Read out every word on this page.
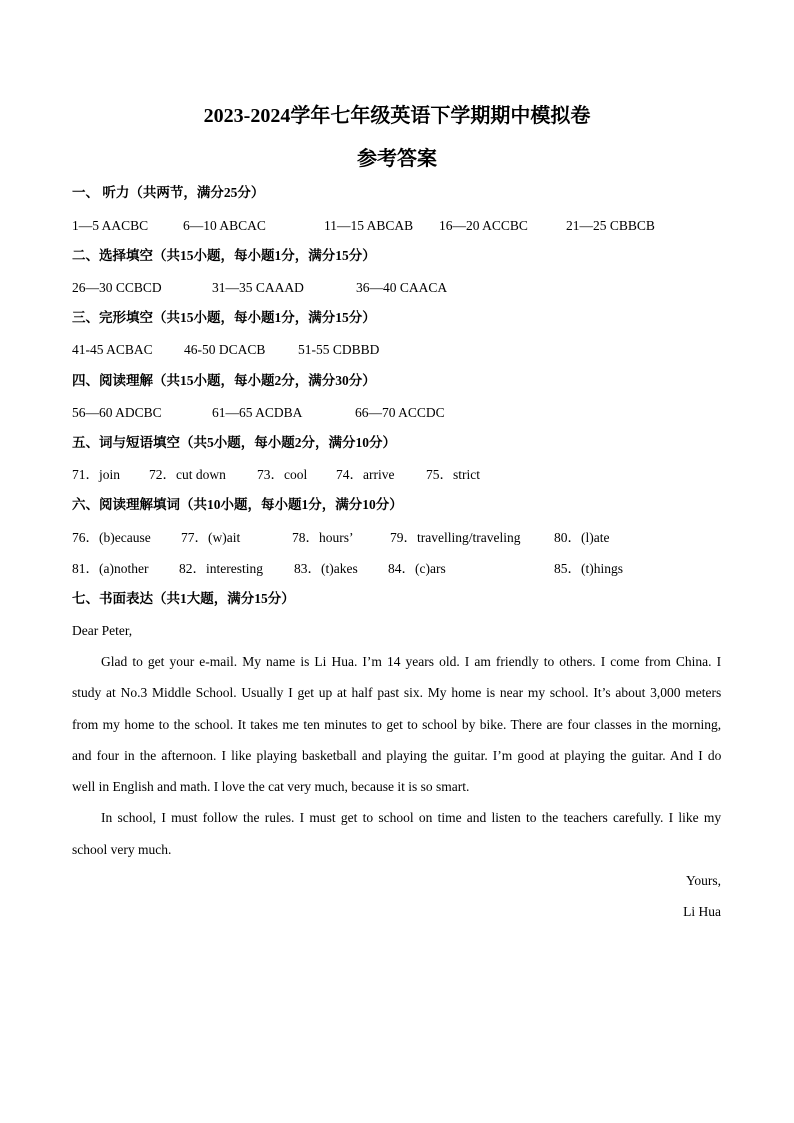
2023-2024学年七年级英语下学期期中模拟卷
参考答案
一、 听力（共两节，满分25分）
1—5 AACBC	6—10 ABCAC	11—15 ABCAB 16—20 ACCBC	21—25 CBBCB
二、选择填空（共15小题，每小题1分，满分15分）
26—30 CCBCD	31—35 CAAAD	36—40 CAACA
三、完形填空（共15小题，每小题1分，满分15分）
41-45 ACBAC 46-50 DCACB 51-55 CDBBD
四、阅读理解（共15小题，每小题2分，满分30分）
56—60 ADCBC	61—65 ACDBA	66—70 ACCDC
五、词与短语填空（共5小题，每小题2分，满分10分）
71．join 72．cut down 73．cool 74．arrive 75．strict
六、阅读理解填词（共10小题，每小题1分，满分10分）
76．(b)ecause 77．(w)ait	78．hours’	79．travelling/traveling 80．(l)ate
81．(a)nother 82．interesting 83．(t)akes 84．(c)ars	85．(t)hings
七、书面表达（共1大题，满分15分）
Dear Peter,
Glad to get your e-mail. My name is Li Hua. I’m 14 years old. I am friendly to others. I come from China. I
study at No.3 Middle School. Usually I get up at half past six. My home is near my school. It’s about 3,000 meters
from my home to the school. It takes me ten minutes to get to school by bike. There are four classes in the morning,
and four in the afternoon. I like playing basketball and playing the guitar. I’m good at playing the guitar. And I do
well in English and math. I love the cat very much, because it is so smart.
In school, I must follow the rules. I must get to school on time and listen to the teachers carefully. I like my
school very much.
Yours,
Li Hua
